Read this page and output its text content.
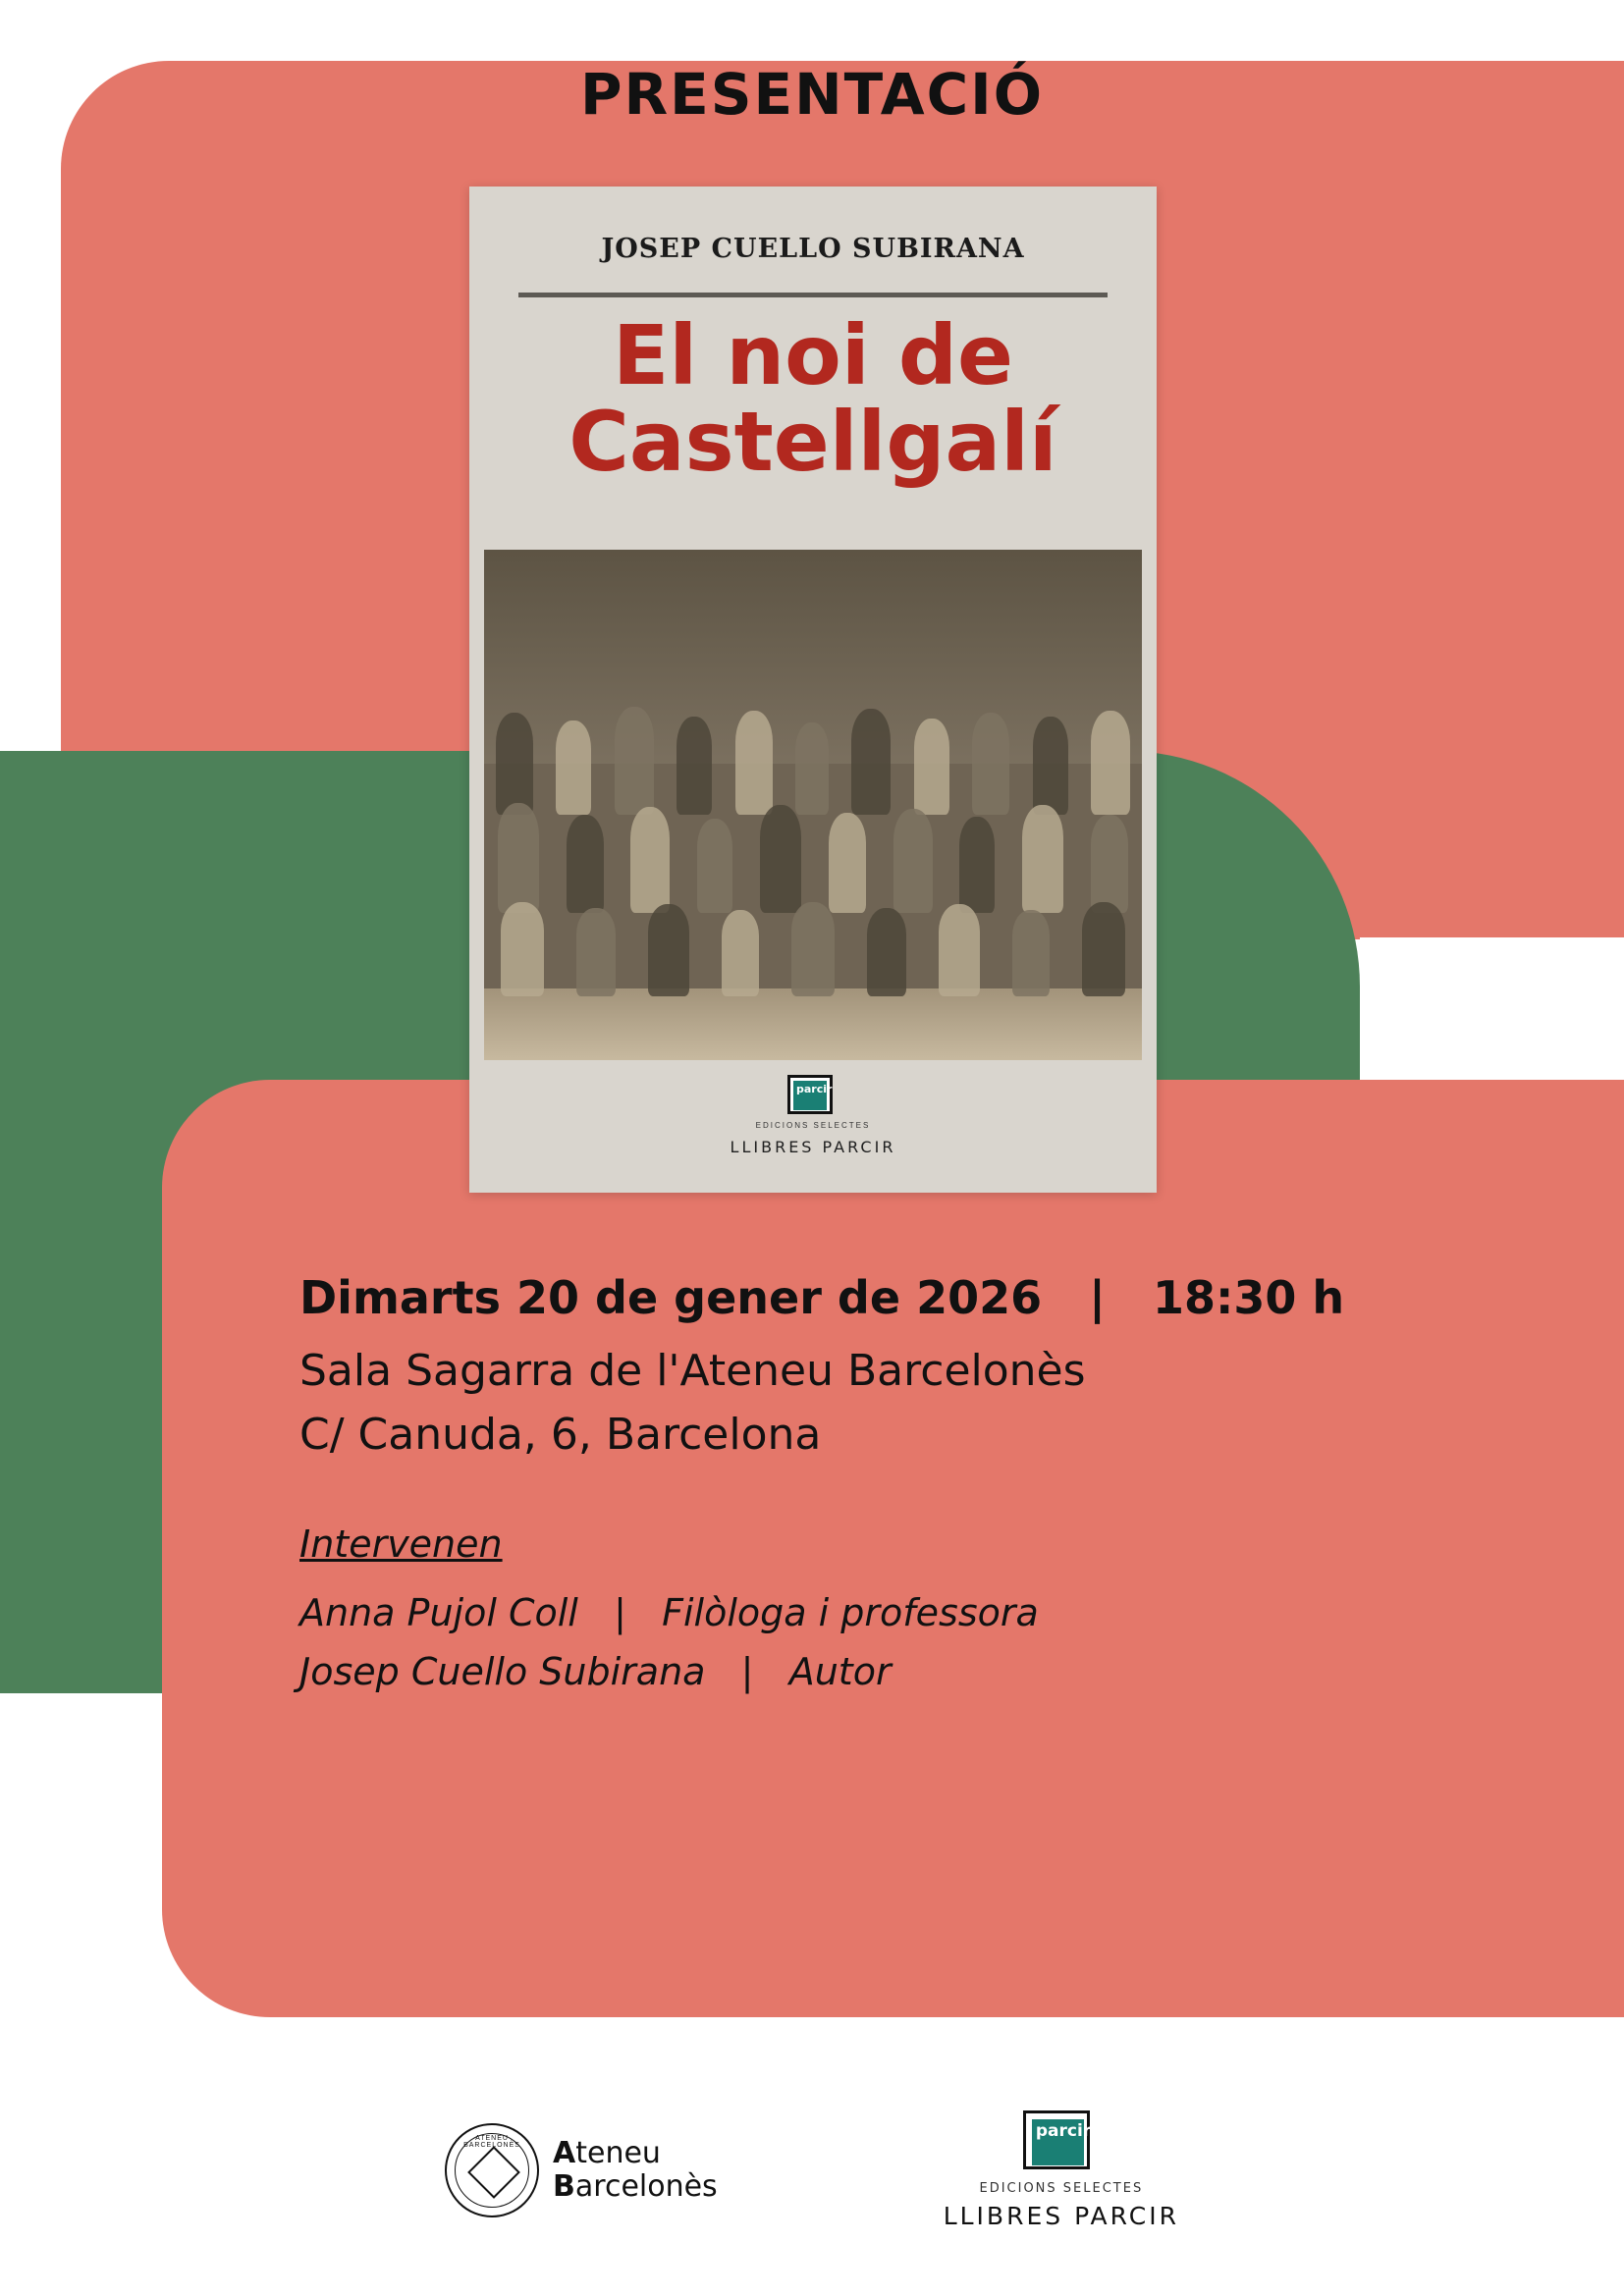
PRESENTACIÓ
JOSEP CUELLO SUBIRANA
El noi de
Castellgalí
parcir
EDICIONS SELECTES
LLIBRES PARCIR
Dimarts 20 de gener de 2026   |   18:30 h
Sala Sagarra de l'Ateneu Barcelonès
C/ Canuda, 6, Barcelona
Intervenen
Anna Pujol Coll   |   Filòloga i professora
Josep Cuello Subirana   |   Autor
ATENEU BARCELONÈS	Ateneu
Barcelonès
parcir
EDICIONS SELECTES
LLIBRES PARCIR
